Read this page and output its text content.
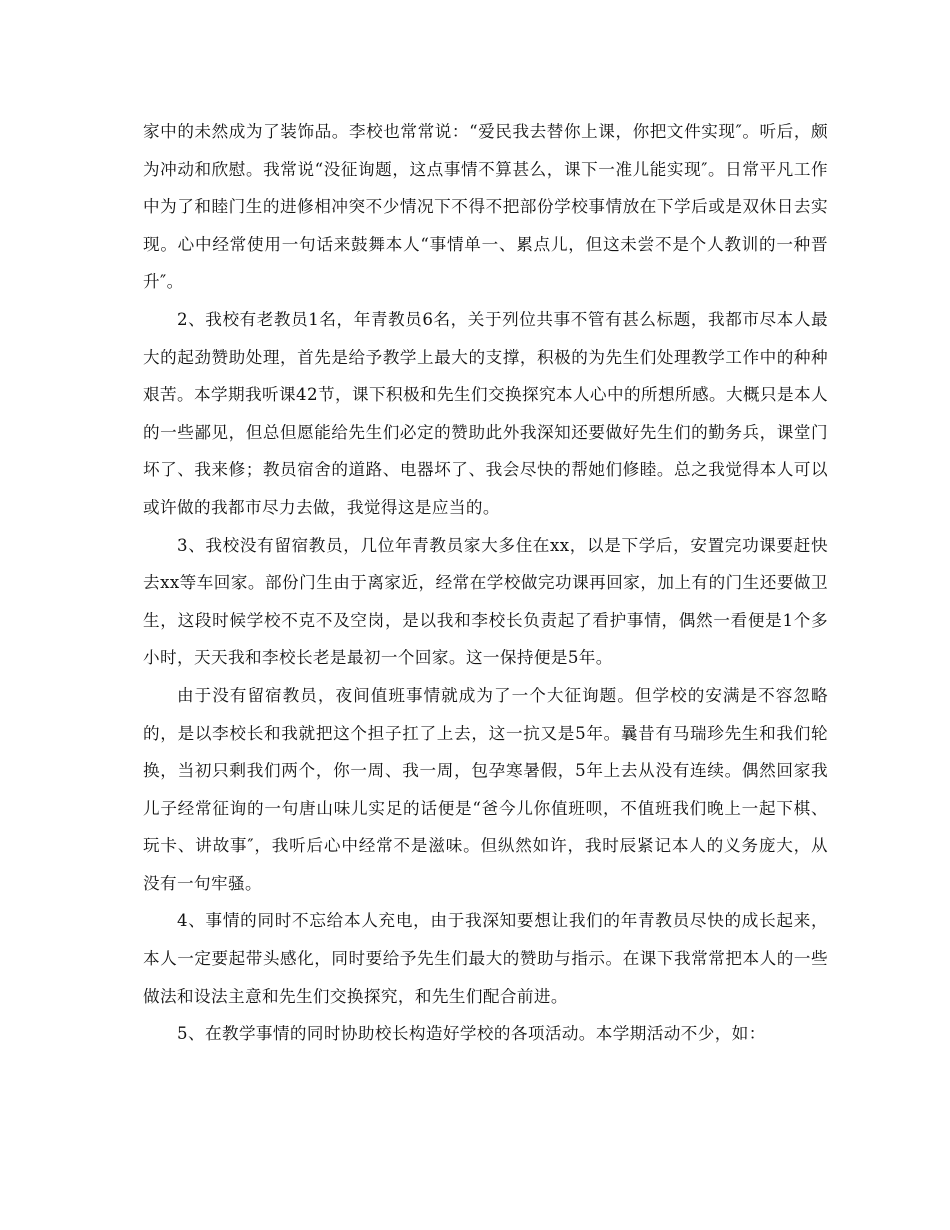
家中的未然成为了装饰品。李校也常常说：“爱民我去替你上课，你把文件实现″。听后，颇为冲动和欣慰。我常说“没征询题，这点事情不算甚么，课下一准儿能实现″。日常平凡工作中为了和睦门生的进修相冲突不少情况下不得不把部份学校事情放在下学后或是双休日去实现。心中经常使用一句话来鼓舞本人“事情单一、累点儿，但这未尝不是个人教训的一种晋升″。

2、我校有老教员1名，年青教员6名，关于列位共事不管有甚么标题，我都市尽本人最大的起劲赞助处理，首先是给予教学上最大的支撑，积极的为先生们处理教学工作中的种种艰苦。本学期我听课42节，课下积极和先生们交换探究本人心中的所想所感。大概只是本人的一些鄙见，但总但愿能给先生们必定的赞助此外我深知还要做好先生们的勤务兵，课堂门坏了、我来修；教员宿舍的道路、电器坏了、我会尽快的帮她们修睦。总之我觉得本人可以或许做的我都市尽力去做，我觉得这是应当的。

3、我校没有留宿教员，几位年青教员家大多住在xx，以是下学后，安置完功课要赶快去xx等车回家。部份门生由于离家近，经常在学校做完功课再回家，加上有的门生还要做卫生，这段时候学校不克不及空岗，是以我和李校长负责起了看护事情，偶然一看便是1个多小时，天天我和李校长老是最初一个回家。这一保持便是5年。

由于没有留宿教员，夜间值班事情就成为了一个大征询题。但学校的安满是不容忽略的，是以李校长和我就把这个担子扛了上去，这一抗又是5年。曩昔有马瑞珍先生和我们轮换，当初只剩我们两个，你一周、我一周，包孕寒暑假，5年上去从没有连续。偶然回家我儿子经常征询的一句唐山味儿实足的话便是“爸今儿你值班呗，不值班我们晚上一起下棋、玩卡、讲故事″，我听后心中经常不是滋味。但纵然如许，我时辰紧记本人的义务庞大，从没有一句牢骚。

4、事情的同时不忘给本人充电，由于我深知要想让我们的年青教员尽快的成长起来，本人一定要起带头感化，同时要给予先生们最大的赞助与指示。在课下我常常把本人的一些做法和设法主意和先生们交换探究，和先生们配合前进。

5、在教学事情的同时协助校长构造好学校的各项活动。本学期活动不少，如：
